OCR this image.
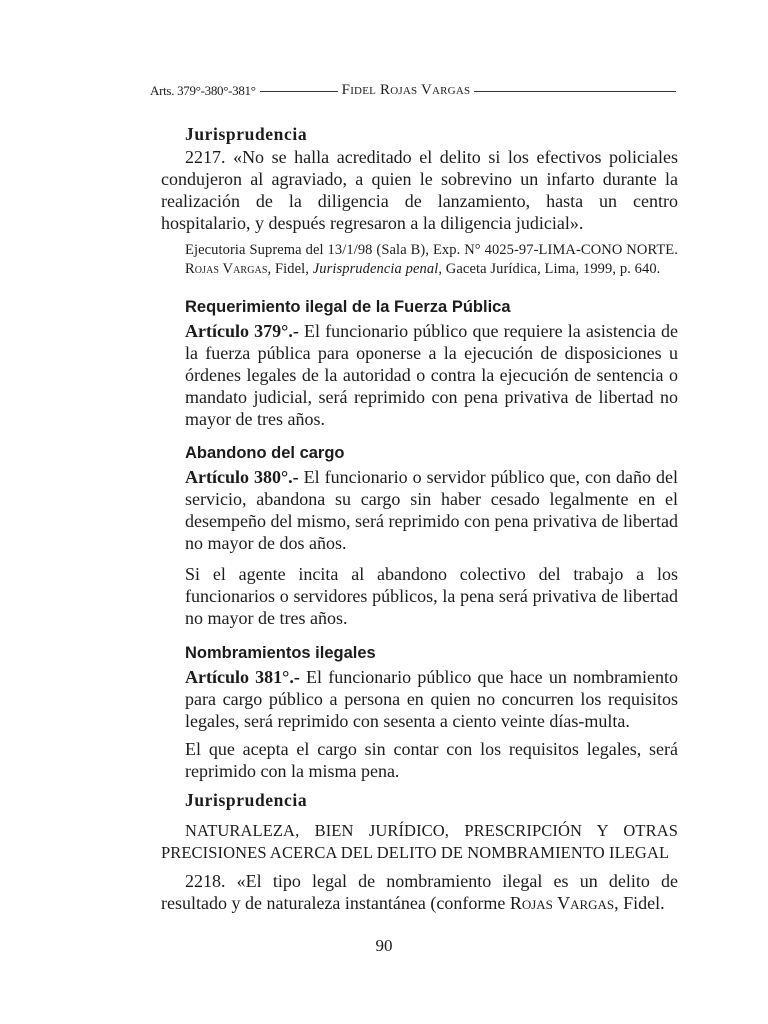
Arts. 379°-380°-381°	Fidel Rojas Vargas
Jurisprudencia

2217. «No se halla acreditado el delito si los efectivos policiales condujeron al agraviado, a quien le sobrevino un infarto durante la realización de la diligencia de lanzamiento, hasta un centro hospitalario, y después regresaron a la diligencia judicial».

Ejecutoria Suprema del 13/1/98 (Sala B), Exp. N° 4025-97-LIMA-CONO NORTE. Rojas Vargas, Fidel, Jurisprudencia penal, Gaceta Jurídica, Lima, 1999, p. 640.

Requerimiento ilegal de la Fuerza Pública

Artículo 379°.- El funcionario público que requiere la asistencia de la fuerza pública para oponerse a la ejecución de disposiciones u órdenes legales de la autoridad o contra la ejecución de sentencia o mandato judicial, será reprimido con pena privativa de libertad no mayor de tres años.

Abandono del cargo

Artículo 380°.- El funcionario o servidor público que, con daño del servicio, abandona su cargo sin haber cesado legalmente en el desempeño del mismo, será reprimido con pena privativa de libertad no mayor de dos años.

Si el agente incita al abandono colectivo del trabajo a los funcionarios o servidores públicos, la pena será privativa de libertad no mayor de tres años.

Nombramientos ilegales

Artículo 381°.- El funcionario público que hace un nombramiento para cargo público a persona en quien no concurren los requisitos legales, será reprimido con sesenta a ciento veinte días-multa.

El que acepta el cargo sin contar con los requisitos legales, será reprimido con la misma pena.

Jurisprudencia

NATURALEZA, BIEN JURÍDICO, PRESCRIPCIÓN Y OTRAS PRECISIONES ACERCA DEL DELITO DE NOMBRAMIENTO ILEGAL

2218. «El tipo legal de nombramiento ilegal es un delito de resultado y de naturaleza instantánea (conforme Rojas Vargas, Fidel.

90
